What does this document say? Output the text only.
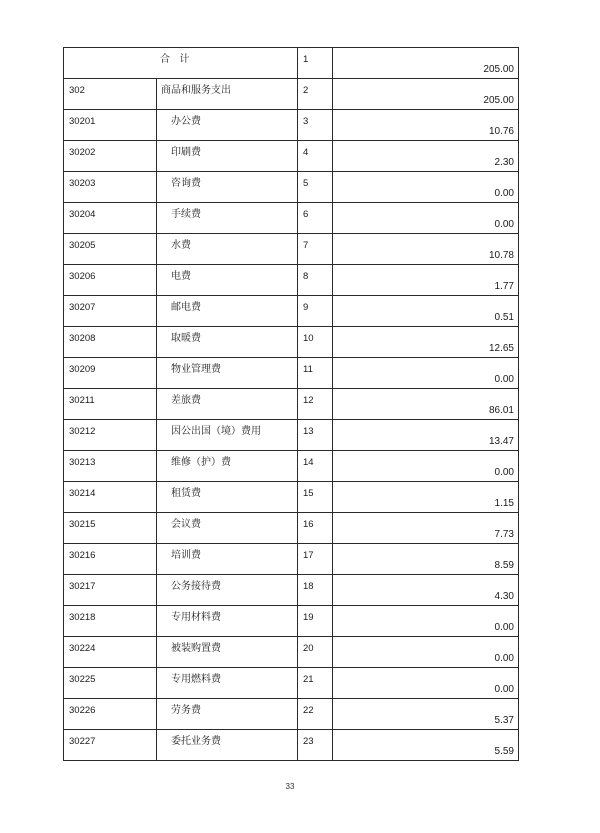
合  计		1	205.00

302	商品和服务支出	2	205.00

30201	办公费	3	10.76

30202	印刷费	4	2.30

30203	咨询费	5	0.00

30204	手续费	6	0.00

30205	水费	7	10.78

30206	电费	8	1.77

30207	邮电费	9	0.51

30208	取暖费	10	12.65

30209	物业管理费	11	0.00

30211	差旅费	12	86.01

30212	因公出国（境）费用	13	13.47

30213	维修（护）费	14	0.00

30214	租赁费	15	1.15

30215	会议费	16	7.73

30216	培训费	17	8.59

30217	公务接待费	18	4.30

30218	专用材料费	19	0.00

30224	被装购置费	20	0.00

30225	专用燃料费	21	0.00

30226	劳务费	22	5.37

30227	委托业务费	23	5.59
33
